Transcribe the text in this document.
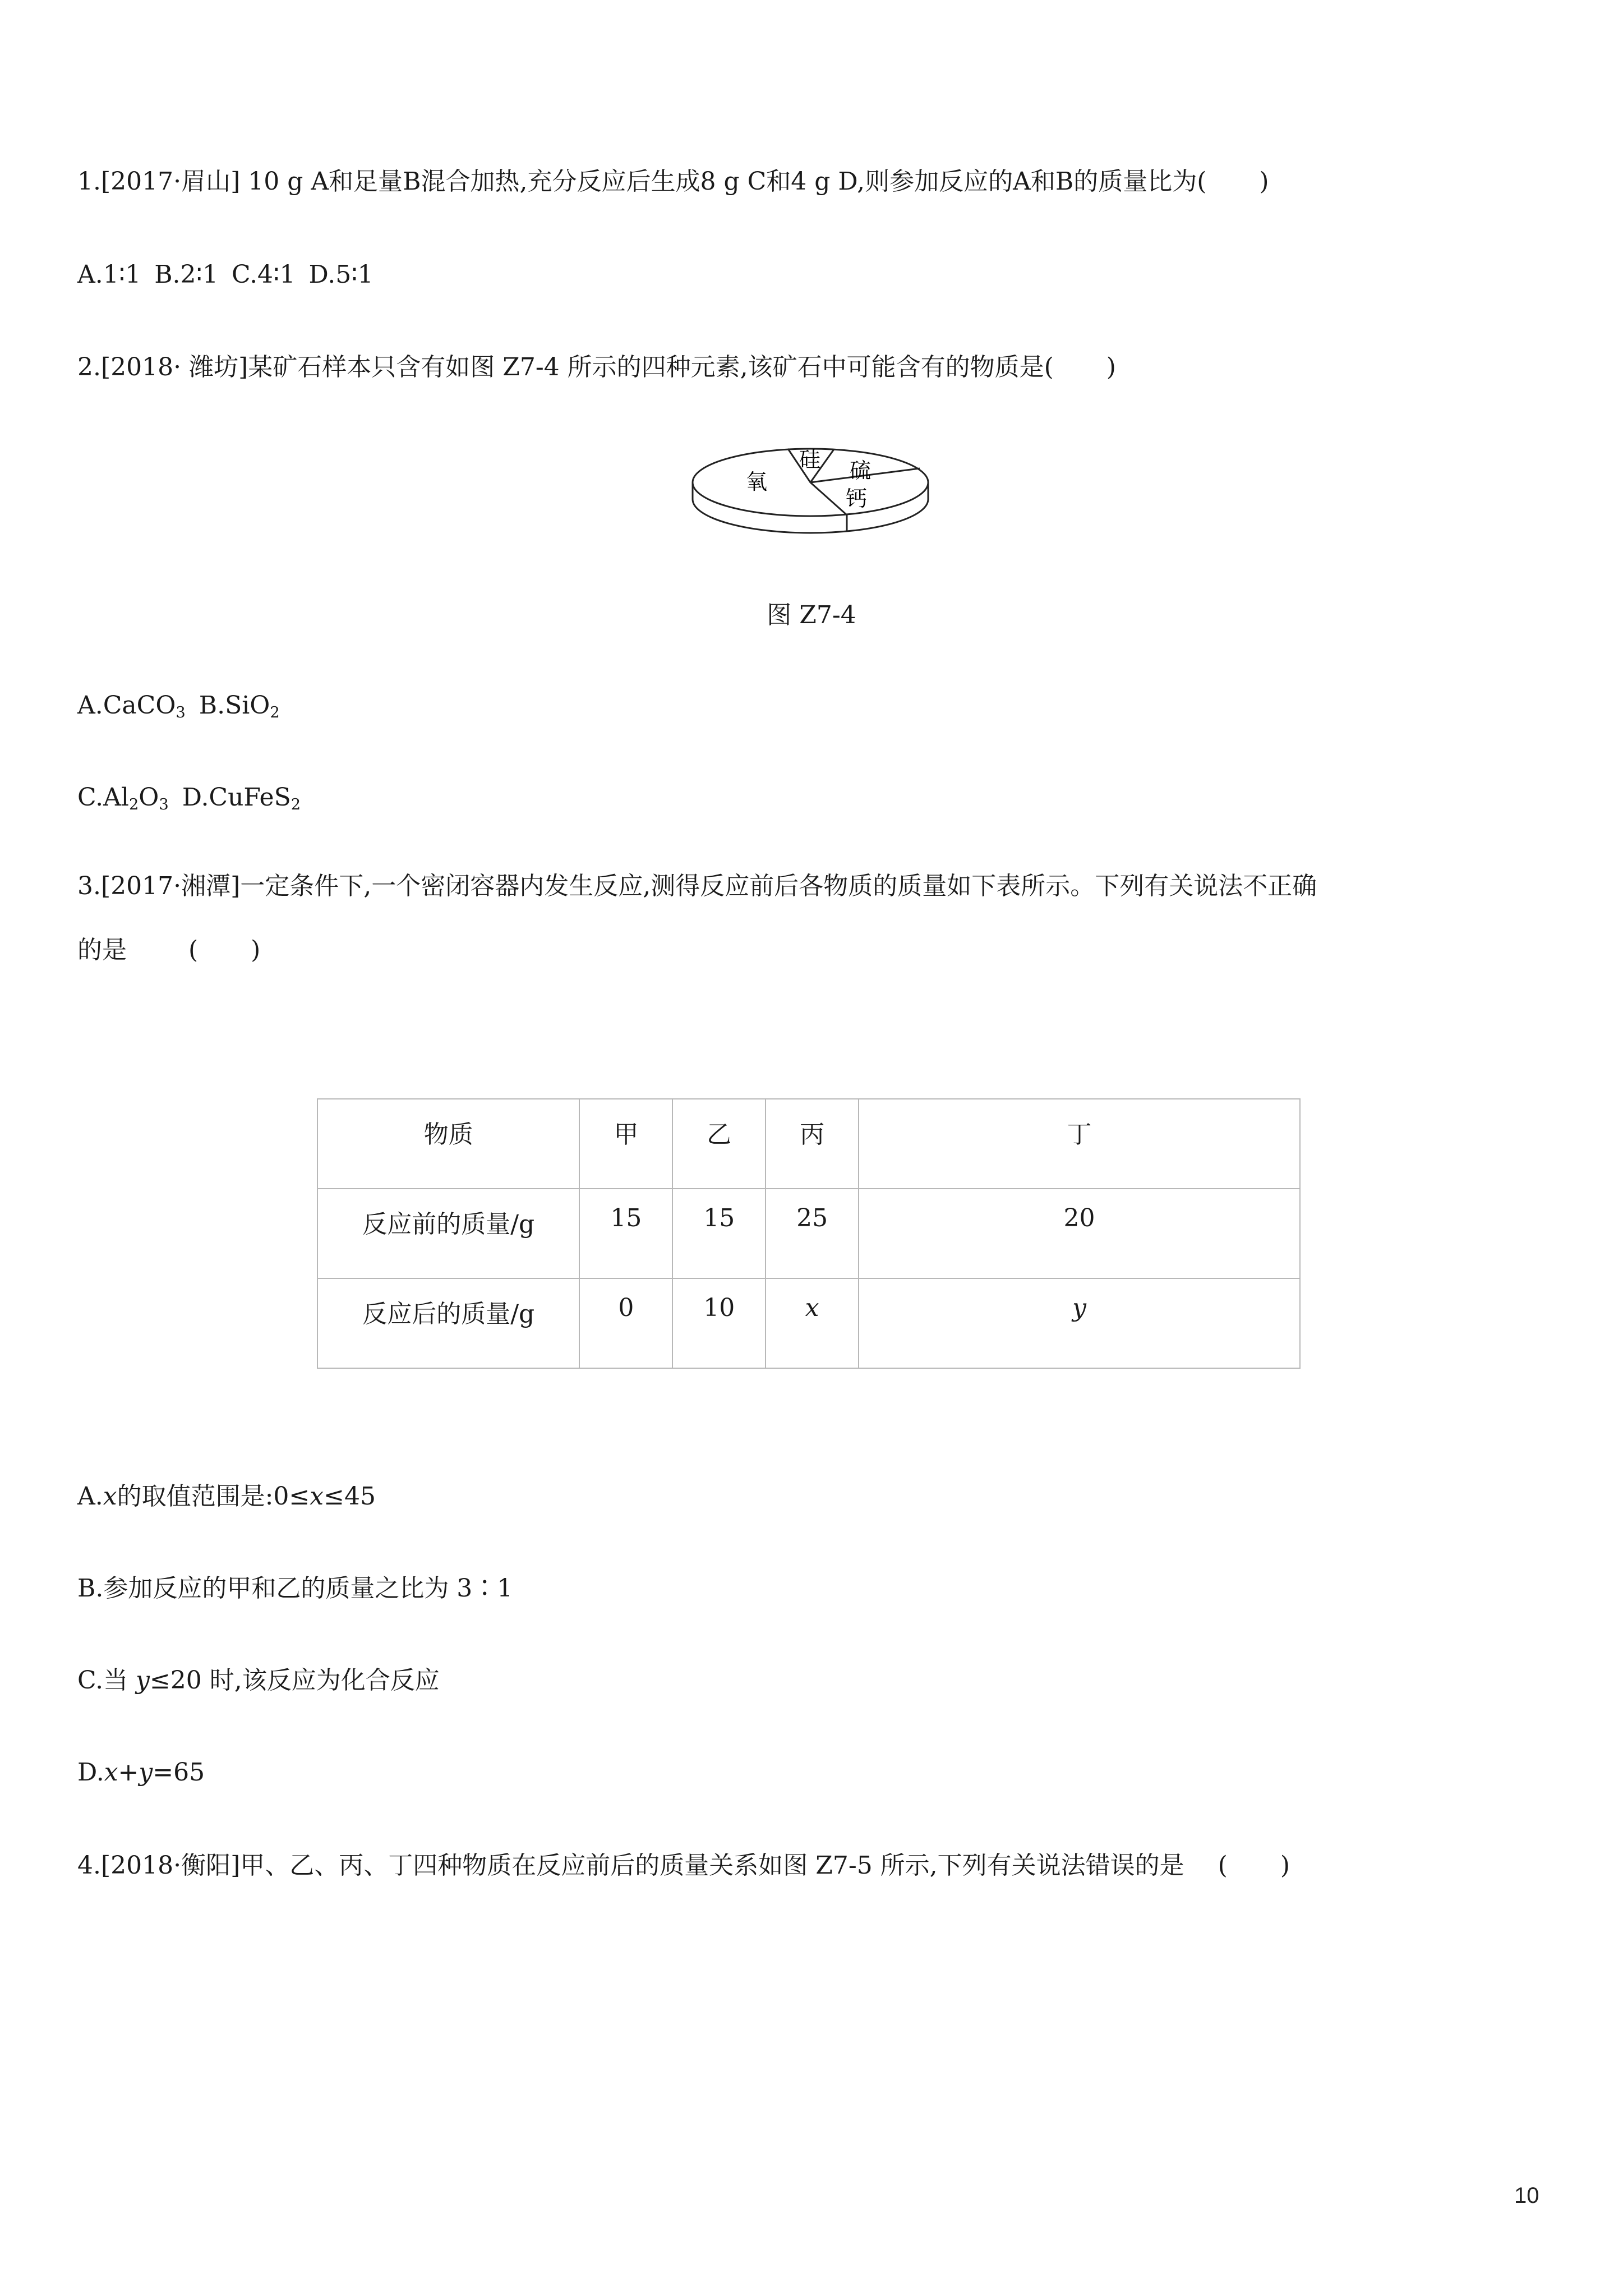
1.[2017·眉山] 10 g A和足量B混合加热,充分反应后生成8 g C和4 g D,则参加反应的A和B的质量比为( )
A.1∶1 B.2∶1 C.4∶1 D.5∶1
2.[2018· 潍坊]某矿石样本只含有如图 Z7-4 所示的四种元素,该矿石中可能含有的物质是( )
氧
硅 硫
钙
图 Z7-4
A.CaCO$_3$ B.SiO$_2$
$C.Al_2O_3$ D.CuFeS$_2$
3.[2017·湘潭]一定条件下,一个密闭容器内发生反应,测得反应前后各物质的质量如下表所示。下列有关说法不正确
的是	( )
物质	甲	乙	丙	丁
反应前的质量/g	15	15	25	20
反应后的质量/g	0	10	x	y
A.x的取值范围是:0≤x≤45
B.参加反应的甲和乙的质量之比为 3∶1
C.当 y≤20 时,该反应为化合反应
D.x+y=65
4.[2018·衡阳]甲、乙、丙、丁四种物质在反应前后的质量关系如图 Z7-5 所示,下列有关说法错误的是 ( )
10
